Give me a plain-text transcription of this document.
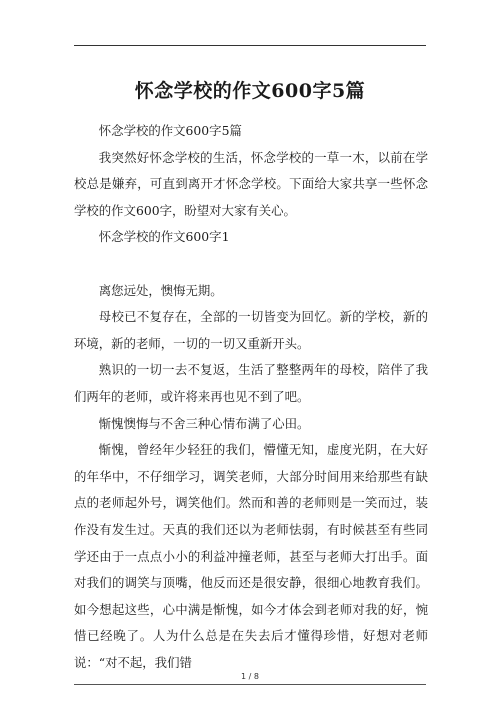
怀念学校的作文600字5篇

怀念学校的作文600字5篇

我突然好怀念学校的生活，怀念学校的一草一木，以前在学校总是嫌弃，可直到离开才怀念学校。下面给大家共享一些怀念学校的作文600字，盼望对大家有关心。

怀念学校的作文600字1

离您远处，懊悔无期。

母校已不复存在，全部的一切皆变为回忆。新的学校，新的环境，新的老师，一切的一切又重新开头。

熟识的一切一去不复返，生活了整整两年的母校，陪伴了我们两年的老师，或许将来再也见不到了吧。

惭愧懊悔与不舍三种心情布满了心田。

惭愧，曾经年少轻狂的我们，懵懂无知，虚度光阴，在大好的年华中，不仔细学习，调笑老师，大部分时间用来给那些有缺点的老师起外号，调笑他们。然而和善的老师则是一笑而过，装作没有发生过。天真的我们还以为老师怯弱，有时候甚至有些同学还由于一点点小小的利益冲撞老师，甚至与老师大打出手。面对我们的调笑与顶嘴，他反而还是很安静，很细心地教育我们。如今想起这些，心中满是惭愧，如今才体会到老师对我的好，惋惜已经晚了。人为什么总是在失去后才懂得珍惜，好想对老师说：“对不起，我们错

1 / 8
